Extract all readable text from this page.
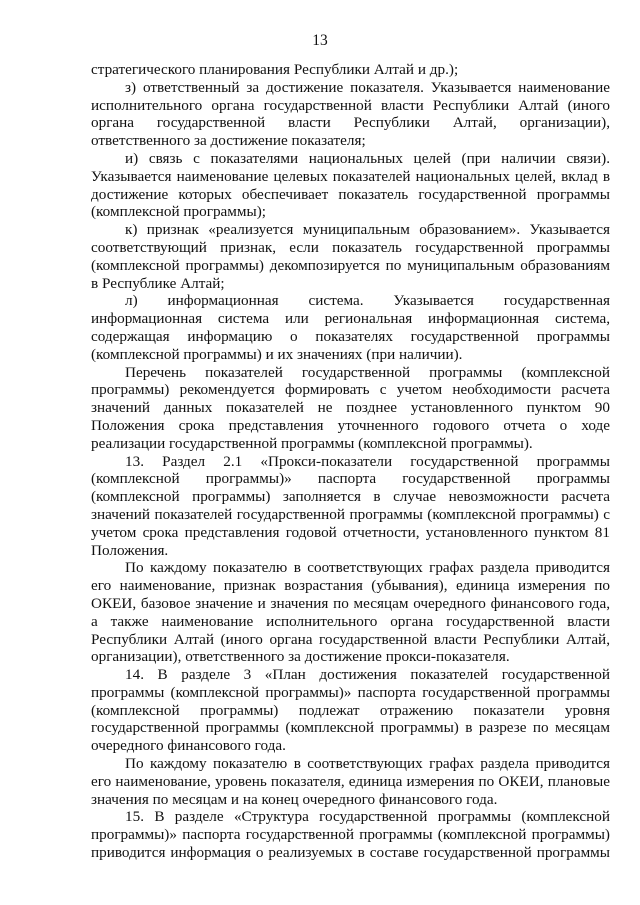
13

стратегического планирования Республики Алтай и др.);

з) ответственный за достижение показателя. Указывается наименование исполнительного органа государственной власти Республики Алтай (иного органа государственной власти Республики Алтай, организации), ответственного за достижение показателя;

и) связь с показателями национальных целей (при наличии связи). Указывается наименование целевых показателей национальных целей, вклад в достижение которых обеспечивает показатель государственной программы (комплексной программы);

к) признак «реализуется муниципальным образованием». Указывается соответствующий признак, если показатель государственной программы (комплексной программы) декомпозируется по муниципальным образованиям в Республике Алтай;

л) информационная система. Указывается государственная информационная система или региональная информационная система, содержащая информацию о показателях государственной программы (комплексной программы) и их значениях (при наличии).

Перечень показателей государственной программы (комплексной программы) рекомендуется формировать с учетом необходимости расчета значений данных показателей не позднее установленного пунктом 90 Положения срока представления уточненного годового отчета о ходе реализации государственной программы (комплексной программы).

13. Раздел 2.1 «Прокси-показатели государственной программы (комплексной программы)» паспорта государственной программы (комплексной программы) заполняется в случае невозможности расчета значений показателей государственной программы (комплексной программы) с учетом срока представления годовой отчетности, установленного пунктом 81 Положения.

По каждому показателю в соответствующих графах раздела приводится его наименование, признак возрастания (убывания), единица измерения по ОКЕИ, базовое значение и значения по месяцам очередного финансового года, а также наименование исполнительного органа государственной власти Республики Алтай (иного органа государственной власти Республики Алтай, организации), ответственного за достижение прокси-показателя.

14. В разделе 3 «План достижения показателей государственной программы (комплексной программы)» паспорта государственной программы (комплексной программы) подлежат отражению показатели уровня государственной программы (комплексной программы) в разрезе по месяцам очередного финансового года.

По каждому показателю в соответствующих графах раздела приводится его наименование, уровень показателя, единица измерения по ОКЕИ, плановые значения по месяцам и на конец очередного финансового года.

15. В разделе «Структура государственной программы (комплексной программы)» паспорта государственной программы (комплексной программы) приводится информация о реализуемых в составе государственной программы
